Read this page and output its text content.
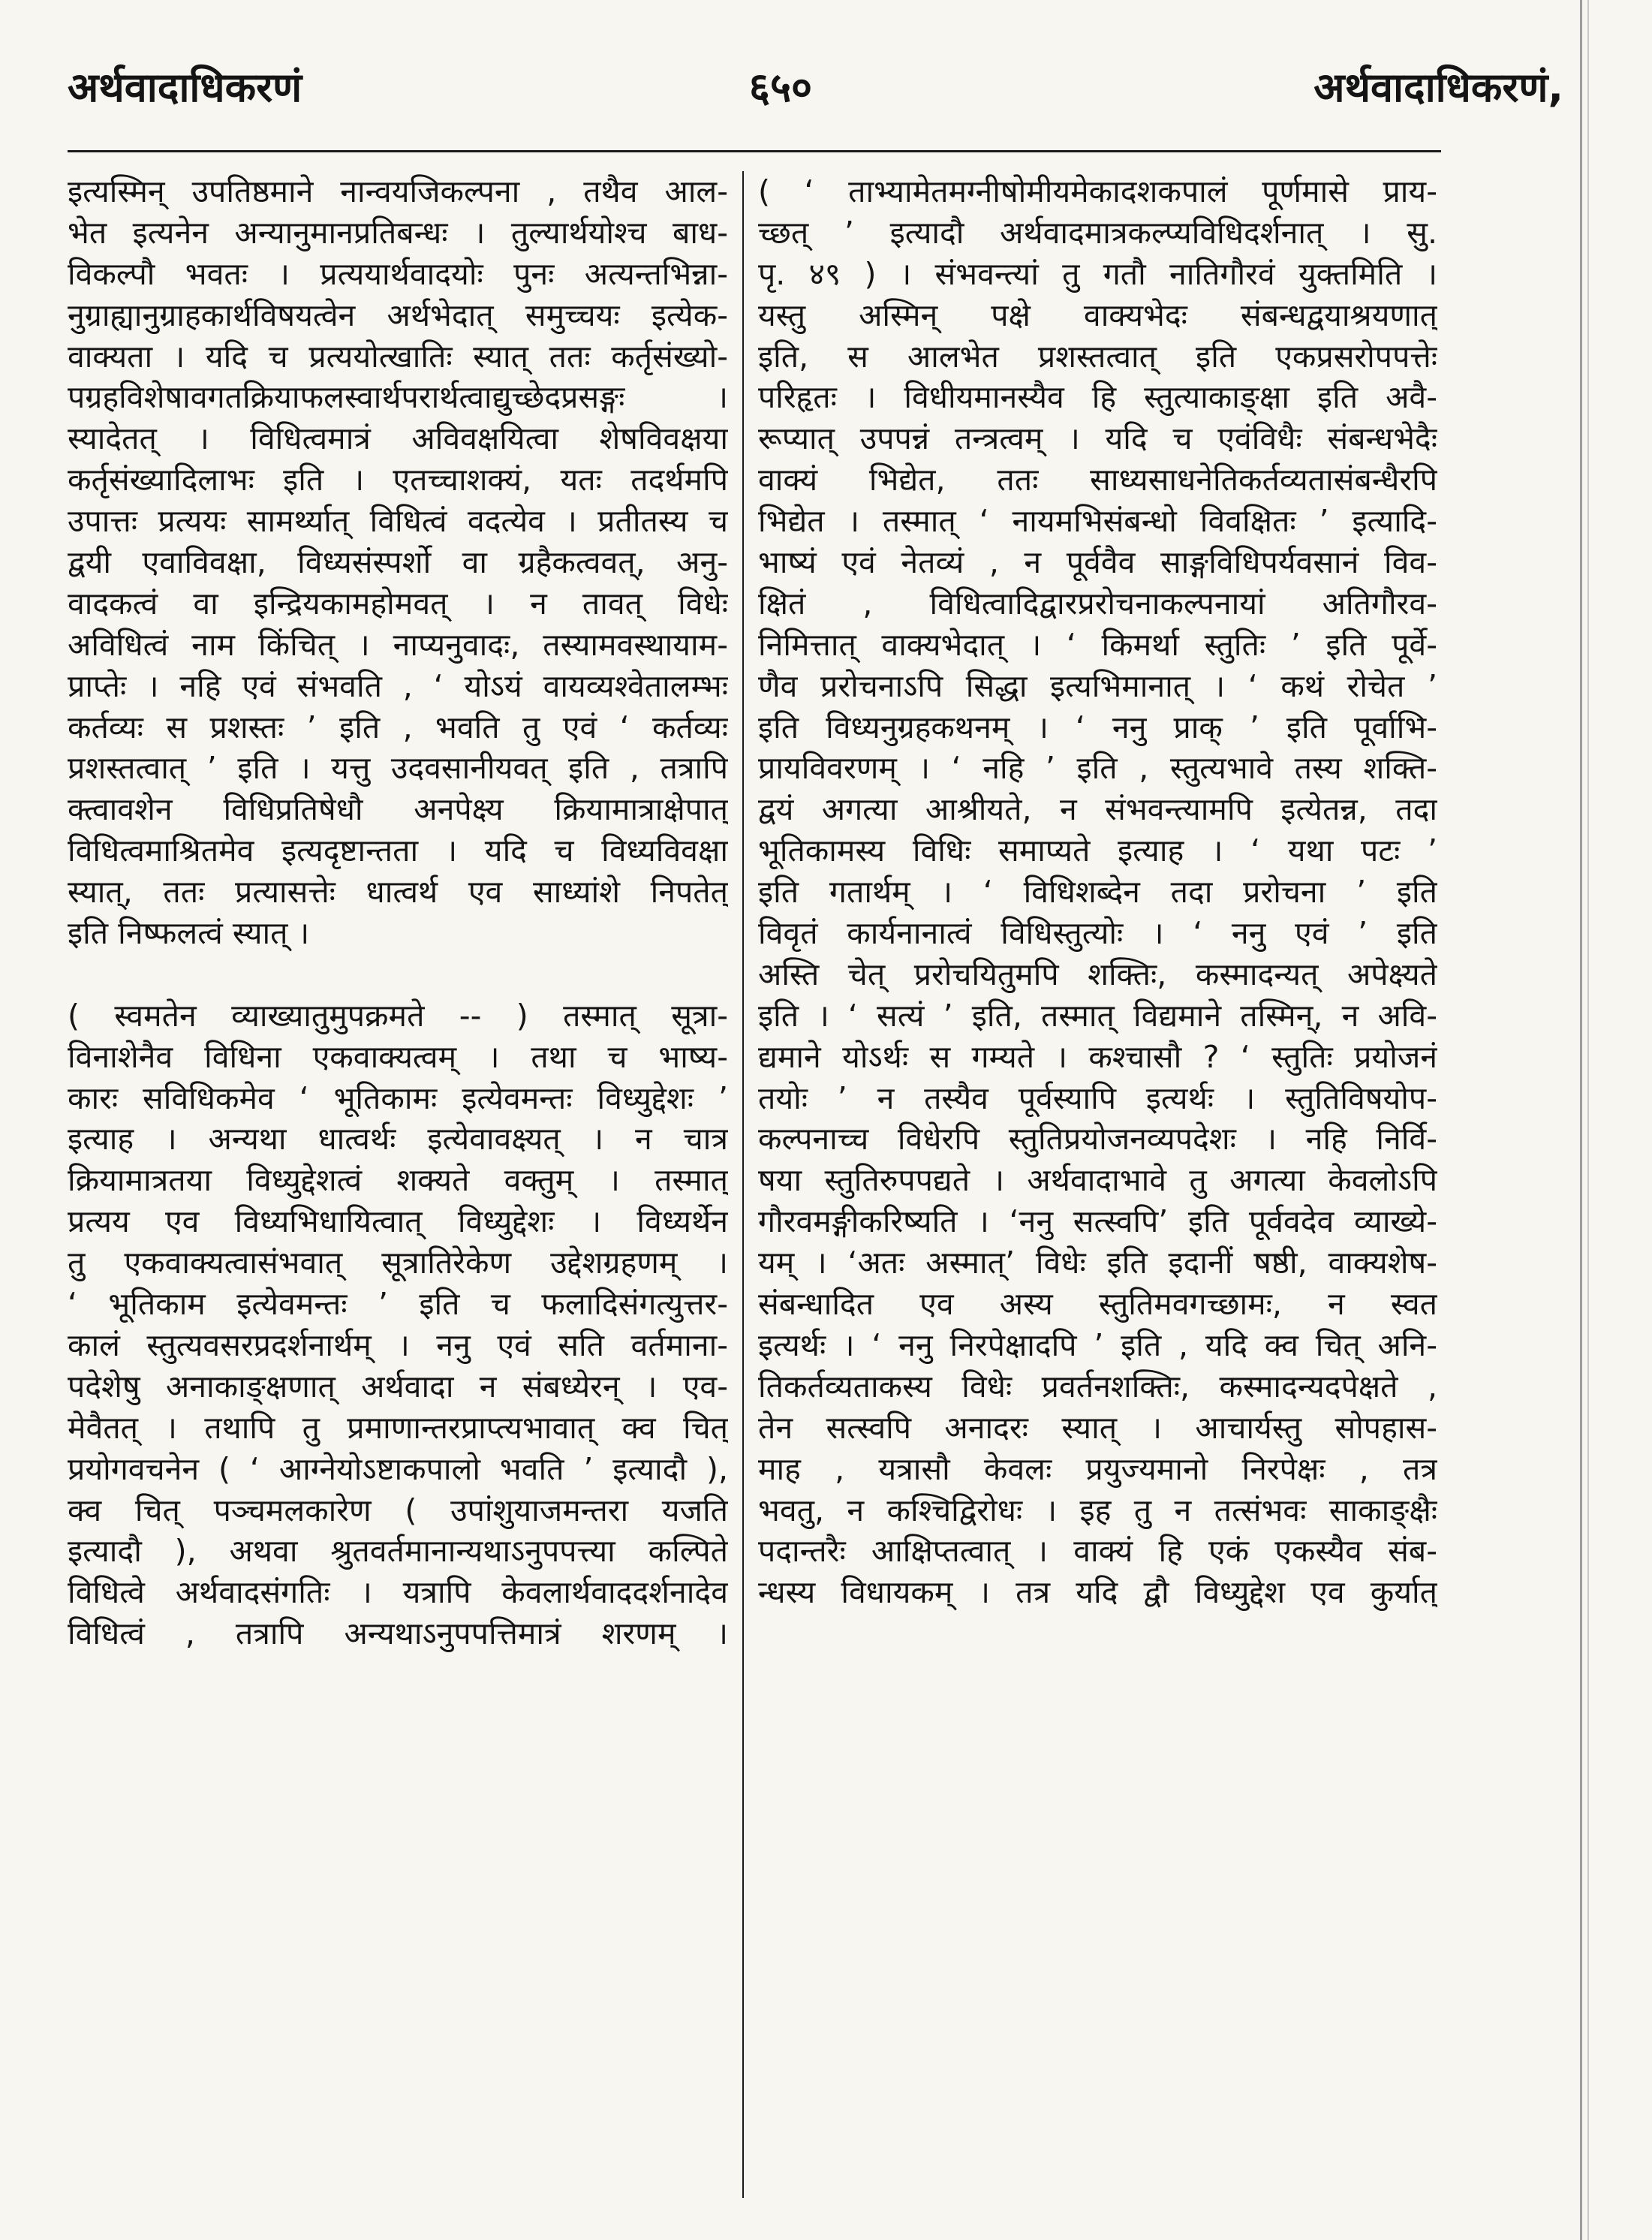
अर्थवादाधिकरणं	६५०	अर्थवादाधिकरणं,
इत्यस्मिन् उपतिष्ठमाने नान्वयजिकल्पना , तथैव आल-
भेत इत्यनेन अन्यानुमानप्रतिबन्धः । तुल्यार्थयोश्च बाध-
विकल्पौ भवतः । प्रत्ययार्थवादयोः पुनः अत्यन्तभिन्ना-
नुग्राह्यानुग्राहकार्थविषयत्वेन अर्थभेदात् समुच्चयः इत्येक-
वाक्यता । यदि च प्रत्ययोत्खातिः स्यात् ततः कर्तृसंख्यो-
पग्रहविशेषावगतक्रियाफलस्वार्थपरार्थत्वाद्युच्छेदप्रसङ्गः ।
स्यादेतत् । विधित्वमात्रं अविवक्षयित्वा शेषविवक्षया
कर्तृसंख्यादिलाभः इति । एतच्चाशक्यं, यतः तदर्थमपि
उपात्तः प्रत्ययः सामर्थ्यात् विधित्वं वदत्येव । प्रतीतस्य च
द्वयी एवाविवक्षा, विध्यसंस्पर्शो वा ग्रहैकत्ववत्, अनु-
वादकत्वं वा इन्द्रियकामहोमवत् । न तावत् विधेः
अविधित्वं नाम किंचित् । नाप्यनुवादः, तस्यामवस्थायाम-
प्राप्तेः । नहि एवं संभवति , ‘ योऽयं वायव्यश्वेतालम्भः
कर्तव्यः स प्रशस्तः ’ इति , भवति तु एवं ‘ कर्तव्यः
प्रशस्तत्वात् ’ इति । यत्तु उदवसानीयवत् इति , तत्रापि
क्त्वावशेन विधिप्रतिषेधौ अनपेक्ष्य क्रियामात्राक्षेपात्
विधित्वमाश्रितमेव इत्यदृष्टान्तता । यदि च विध्यविवक्षा
स्यात्, ततः प्रत्यासत्तेः धात्वर्थ एव साध्यांशे निपतेत्
इति निष्फलत्वं स्यात् ।
( स्वमतेन व्याख्यातुमुपक्रमते -- ) तस्मात् सूत्रा-
विनाशेनैव विधिना एकवाक्यत्वम् । तथा च भाष्य-
कारः सविधिकमेव ‘ भूतिकामः इत्येवमन्तः विध्युद्देशः ’
इत्याह । अन्यथा धात्वर्थः इत्येवावक्ष्यत् । न चात्र
क्रियामात्रतया विध्युद्देशत्वं शक्यते वक्तुम् । तस्मात्
प्रत्यय एव विध्यभिधायित्वात् विध्युद्देशः । विध्यर्थेन
तु एकवाक्यत्वासंभवात् सूत्रातिरेकेण उद्देशग्रहणम् ।
‘ भूतिकाम इत्येवमन्तः ’ इति च फलादिसंगत्युत्तर-
कालं स्तुत्यवसरप्रदर्शनार्थम् । ननु एवं सति वर्तमाना-
पदेशेषु अनाकाङ्क्षणात् अर्थवादा न संबध्येरन् । एव-
मेवैतत् । तथापि तु प्रमाणान्तरप्राप्त्यभावात् क्व चित्
प्रयोगवचनेन ( ‘ आग्नेयोऽष्टाकपालो भवति ’ इत्यादौ ),
क्व चित् पञ्चमलकारेण ( उपांशुयाजमन्तरा यजति
इत्यादौ ), अथवा श्रुतवर्तमानान्यथाऽनुपपत्त्या कल्पिते
विधित्वे अर्थवादसंगतिः । यत्रापि केवलार्थवाददर्शनादेव
विधित्वं , तत्रापि अन्यथाऽनुपपत्तिमात्रं शरणम् ।
( ‘ ताभ्यामेतमग्नीषोमीयमेकादशकपालं पूर्णमासे प्राय-
च्छत् ’ इत्यादौ अर्थवादमात्रकल्प्यविधिदर्शनात् । सु.
पृ. ४९ ) । संभवन्त्यां तु गतौ नातिगौरवं युक्तमिति ।
यस्तु अस्मिन् पक्षे वाक्यभेदः संबन्धद्वयाश्रयणात्
इति, स आलभेत प्रशस्तत्वात् इति एकप्रसरोपपत्तेः
परिहृतः । विधीयमानस्यैव हि स्तुत्याकाङ्क्षा इति अवै-
रूप्यात् उपपन्नं तन्त्रत्वम् । यदि च एवंविधैः संबन्धभेदैः
वाक्यं भिद्येत, ततः साध्यसाधनेतिकर्तव्यतासंबन्धैरपि
भिद्येत । तस्मात् ‘ नायमभिसंबन्धो विवक्षितः ’ इत्यादि-
भाष्यं एवं नेतव्यं , न पूर्ववैव साङ्गविधिपर्यवसानं विव-
क्षितं , विधित्वादिद्वारप्ररोचनाकल्पनायां अतिगौरव-
निमित्तात् वाक्यभेदात् । ‘ किमर्था स्तुतिः ’ इति पूर्वे-
णैव प्ररोचनाऽपि सिद्धा इत्यभिमानात् । ‘ कथं रोचेत ’
इति विध्यनुग्रहकथनम् । ‘ ननु प्राक् ’ इति पूर्वाभि-
प्रायविवरणम् । ‘ नहि ’ इति , स्तुत्यभावे तस्य शक्ति-
द्वयं अगत्या आश्रीयते, न संभवन्त्यामपि इत्येतन्न, तदा
भूतिकामस्य विधिः समाप्यते इत्याह । ‘ यथा पटः ’
इति गतार्थम् । ‘ विधिशब्देन तदा प्ररोचना ’ इति
विवृतं कार्यनानात्वं विधिस्तुत्योः । ‘ ननु एवं ’ इति
अस्ति चेत् प्ररोचयितुमपि शक्तिः, कस्मादन्यत् अपेक्ष्यते
इति । ‘ सत्यं ’ इति, तस्मात् विद्यमाने तस्मिन्, न अवि-
द्यमाने योऽर्थः स गम्यते । कश्चासौ ? ‘ स्तुतिः प्रयोजनं
तयोः ’ न तस्यैव पूर्वस्यापि इत्यर्थः । स्तुतिविषयोप-
कल्पनाच्च विधेरपि स्तुतिप्रयोजनव्यपदेशः । नहि निर्वि-
षया स्तुतिरुपपद्यते । अर्थवादाभावे तु अगत्या केवलोऽपि
गौरवमङ्गीकरिष्यति । ‘ननु सत्स्वपि’ इति पूर्ववदेव व्याख्ये-
यम् । ‘अतः अस्मात्’ विधेः इति इदानीं षष्ठी, वाक्यशेष-
संबन्धादित एव अस्य स्तुतिमवगच्छामः, न स्वत
इत्यर्थः । ‘ ननु निरपेक्षादपि ’ इति , यदि क्व चित् अनि-
तिकर्तव्यताकस्य विधेः प्रवर्तनशक्तिः, कस्मादन्यदपेक्षते ,
तेन सत्स्वपि अनादरः स्यात् । आचार्यस्तु सोपहास-
माह , यत्रासौ केवलः प्रयुज्यमानो निरपेक्षः , तत्र
भवतु, न कश्चिद्विरोधः । इह तु न तत्संभवः साकाङ्क्षैः
पदान्तरैः आक्षिप्तत्वात् । वाक्यं हि एकं एकस्यैव संब-
न्धस्य विधायकम् । तत्र यदि द्वौ विध्युद्देश एव कुर्यात्
